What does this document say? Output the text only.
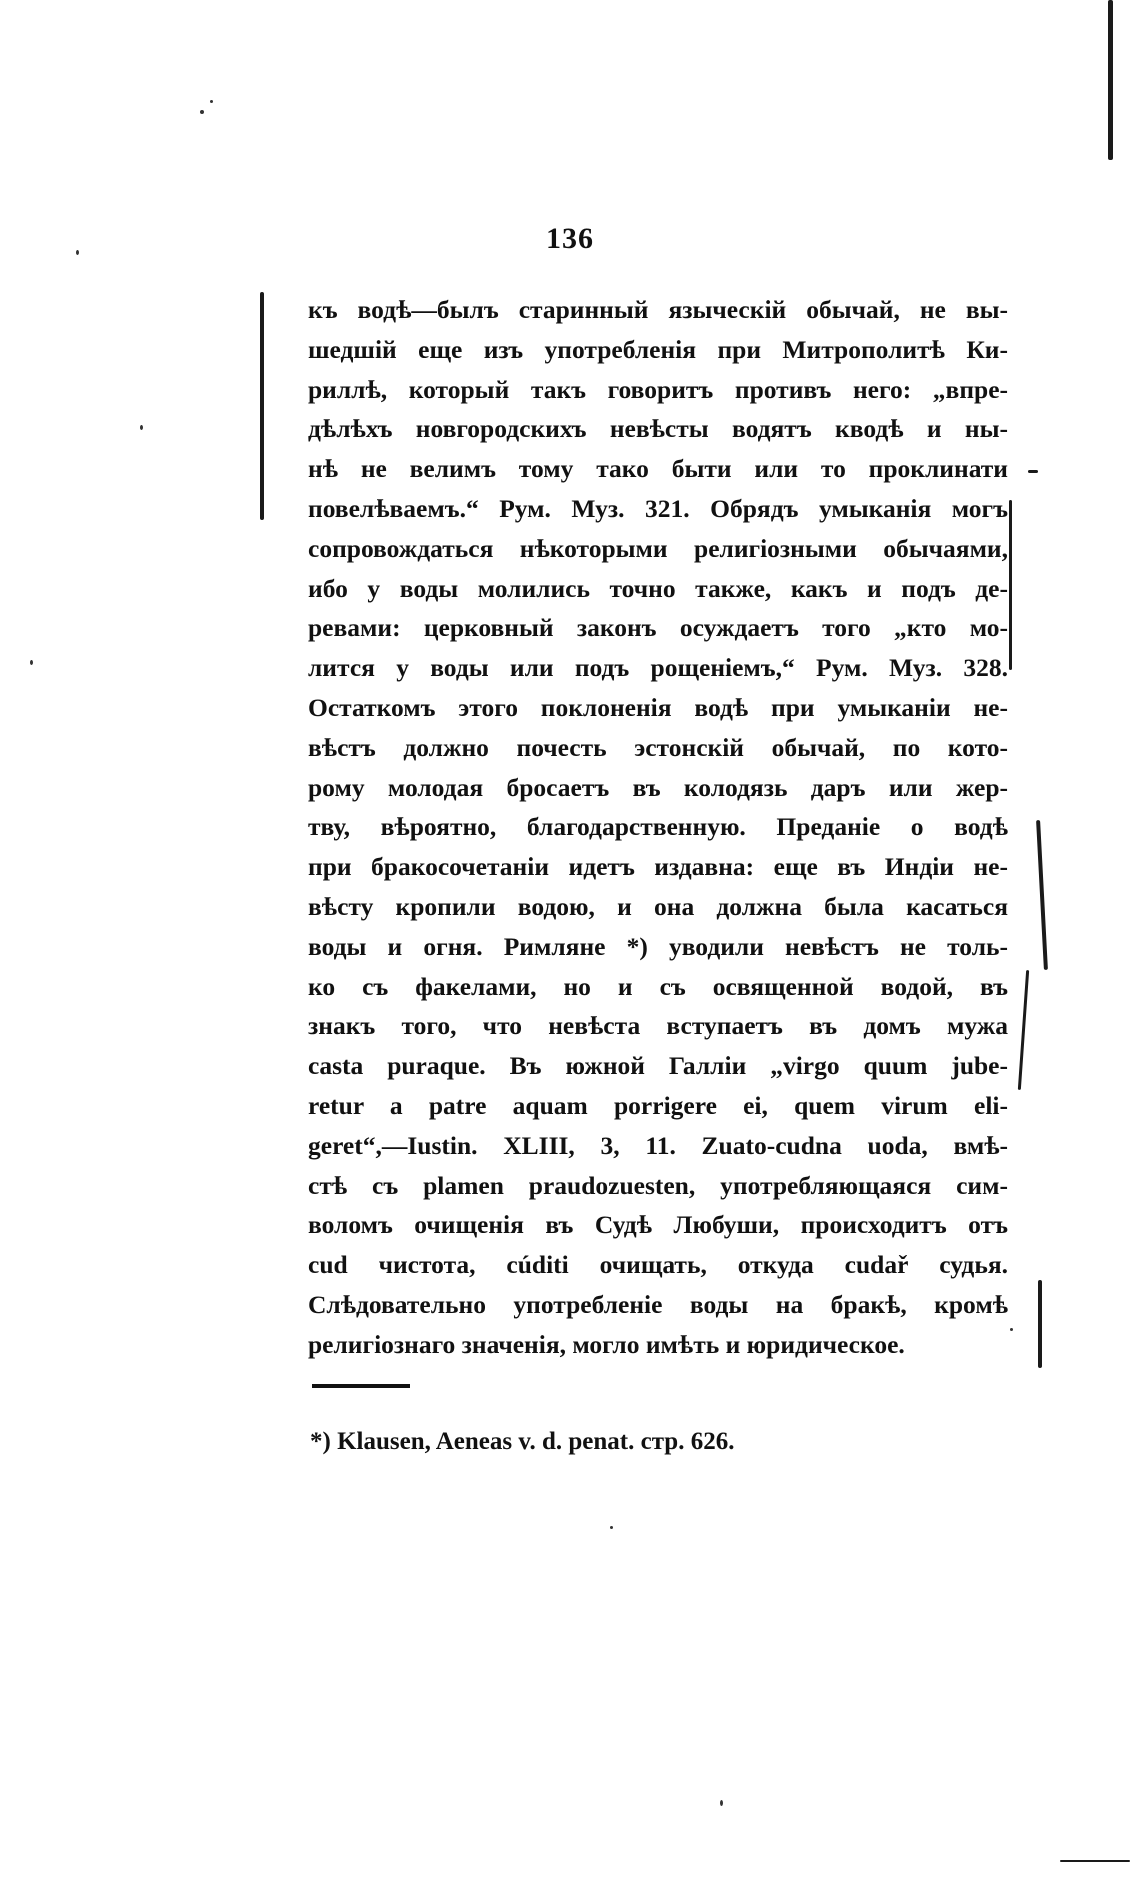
136
къ водѣ—былъ старинный языческій обычай, не вы-
шедшій еще изъ употребленія при Митрополитѣ Ки-
риллѣ, который такъ говоритъ противъ него: „впре-
дѣлѣхъ новгородскихъ невѣсты водятъ кводѣ и ны-
нѣ не велимъ тому тако быти или то проклинати
повелѣваемъ.“ Рум. Муз. 321. Обрядъ умыканія могъ
сопровождаться нѣкоторыми религіозными обычаями,
ибо у воды молились точно также, какъ и подъ де-
ревами: церковный законъ осуждаетъ того „кто мо-
лится у воды или подъ рощеніемъ,“ Рум. Муз. 328.
Остаткомъ этого поклоненія водѣ при умыканіи не-
вѣстъ должно почесть эстонскій обычай, по кото-
рому молодая бросаетъ въ колодязь даръ или жер-
тву, вѣроятно, благодарственную. Преданіе о водѣ
при бракосочетаніи идетъ издавна: еще въ Индіи не-
вѣсту кропили водою, и она должна была касаться
воды и огня. Римляне *) уводили невѣстъ не толь-
ко съ факелами, но и съ освященной водой, въ
знакъ того, что невѣста вступаетъ въ домъ мужа
casta puraque. Въ южной Галліи „virgo quum jube-
retur a patre aquam porrigere ei, quem virum eli-
geret“,—Iustin. XLIII, 3, 11. Zuato-cudna uoda, вмѣ-
стѣ съ plamen praudozuesten, употребляющаяся сим-
воломъ очищенія въ Судѣ Любуши, происходитъ отъ
cud чистота, cúditi очищать, откуда cudař судья.
Слѣдовательно употребленіе воды на бракѣ, кромѣ
религіознаго значенія, могло имѣть и юридическое.
*) Klausen, Aeneas v. d. penat. стр. 626.
